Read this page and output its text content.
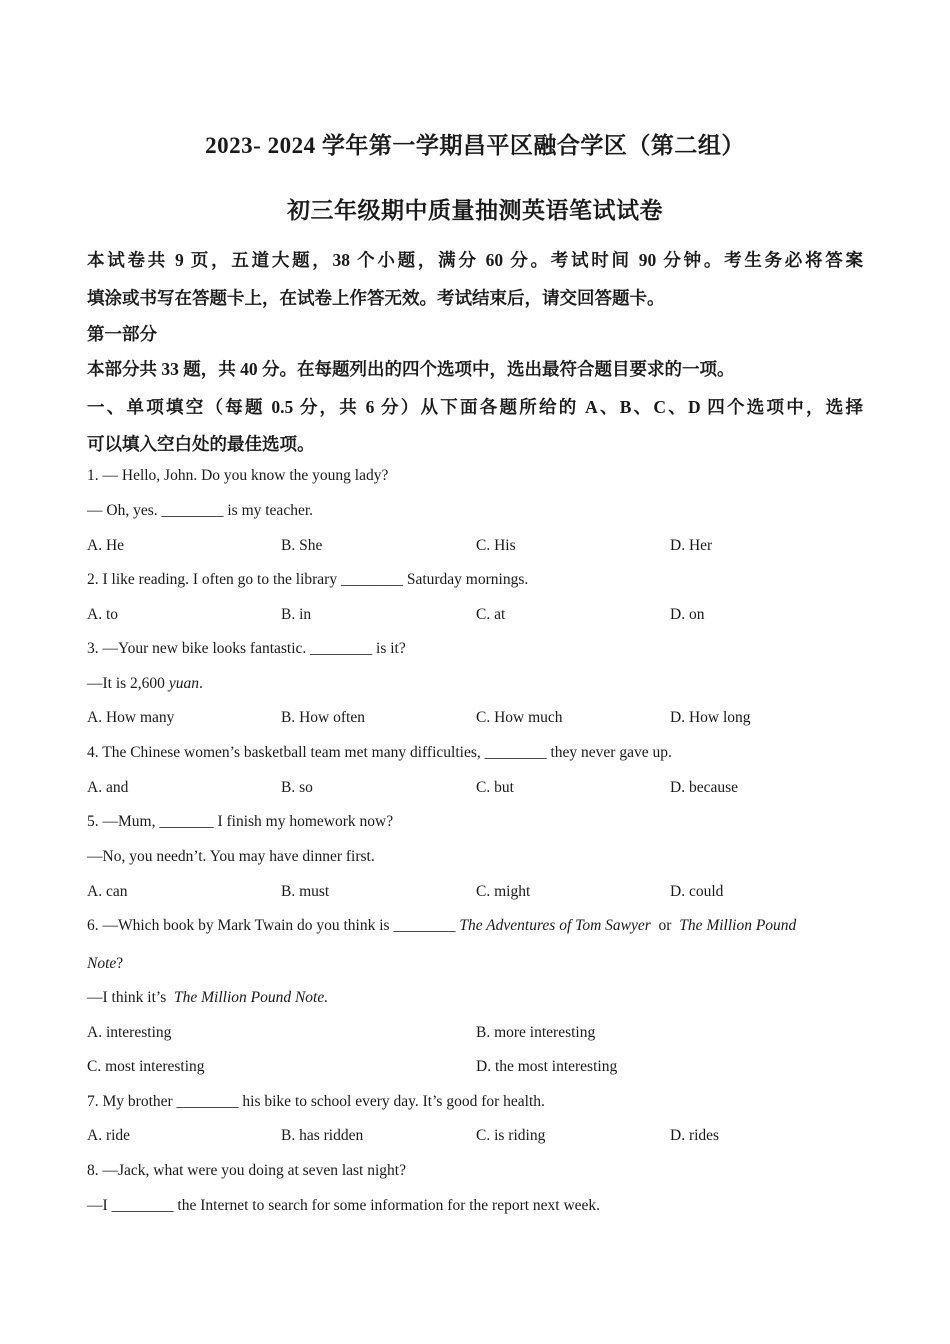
2023- 2024 学年第一学期昌平区融合学区（第二组）
初三年级期中质量抽测英语笔试试卷
本试卷共 9 页，五道大题，38 个小题，满分 60 分。考试时间 90 分钟。考生务必将答案
填涂或书写在答题卡上，在试卷上作答无效。考试结束后，请交回答题卡。
第一部分
本部分共 33 题，共 40 分。在每题列出的四个选项中，选出最符合题目要求的一项。
一、单项填空（每题 0.5 分，共 6 分）从下面各题所给的 A、B、C、D 四个选项中，选择
可以填入空白处的最佳选项。
1. — Hello, John. Do you know the young lady?
— Oh, yes. ________ is my teacher.
A. He	B. She	C. His	D. Her
2. I like reading. I often go to the library ________ Saturday mornings.
A. to	B. in	C. at	D. on
3. —Your new bike looks fantastic. ________ is it?
—It is 2,600 yuan.
A. How many	B. How often	C. How much	D. How long
4. The Chinese women’s basketball team met many difficulties, ________ they never gave up.
A. and	B. so	C. but	D. because
5. —Mum, _______ I finish my homework now?
—No, you needn’t. You may have dinner first.
A. can	B. must	C. might	D. could
6. —Which book by Mark Twain do you think is ________ The Adventures of Tom Sawyer  or  The Million Pound
Note?
—I think it’s  The Million Pound Note.
A. interesting	B. more interesting
C. most interesting	D. the most interesting
7. My brother ________ his bike to school every day. It’s good for health.
A. ride	B. has ridden	C. is riding	D. rides
8. —Jack, what were you doing at seven last night?
—I ________ the Internet to search for some information for the report next week.
